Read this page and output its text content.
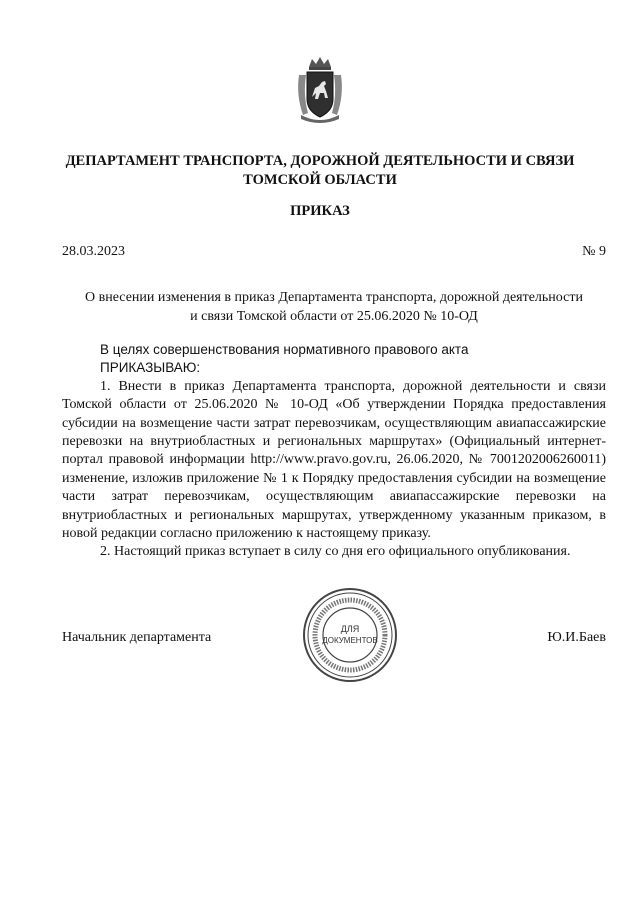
ДЕПАРТАМЕНТ ТРАНСПОРТА, ДОРОЖНОЙ ДЕЯТЕЛЬНОСТИ И СВЯЗИ
ТОМСКОЙ ОБЛАСТИ
ПРИКАЗ
28.03.2023	№ 9
О внесении изменения в приказ Департамента транспорта, дорожной деятельности
и связи Томской области от 25.06.2020 № 10-ОД

В целях совершенствования нормативного правового акта

ПРИКАЗЫВАЮ:

1. Внести в приказ Департамента транспорта, дорожной деятельности и связи Томской области от 25.06.2020 № 10-ОД «Об утверждении Порядка предоставления субсидии на возмещение части затрат перевозчикам, осуществляющим авиапассажирские перевозки на внутриобластных и региональных маршрутах» (Официальный интернет-портал правовой информации http://www.pravo.gov.ru, 26.06.2020, № 7001202006260011) изменение, изложив приложение № 1 к Порядку предоставления субсидии на возмещение части затрат перевозчикам, осуществляющим авиапассажирские перевозки на внутриобластных и региональных маршрутах, утвержденному указанным приказом, в новой редакции согласно приложению к настоящему приказу.

2. Настоящий приказ вступает в силу со дня его официального опубликования.

Начальник департамента	Ю.И.Баев
ДЛЯ
ДОКУМЕНТОВ
